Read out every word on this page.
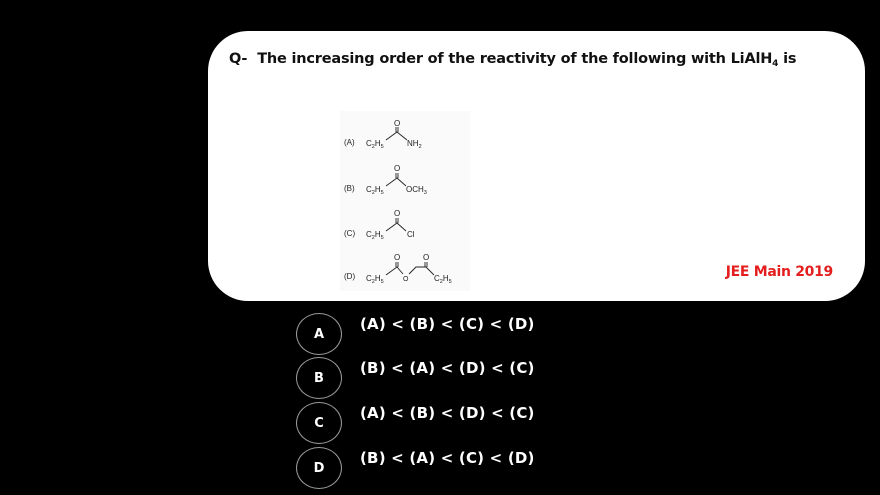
Q- The increasing order of the reactivity of the following with LiAlH$_4$ is
(A) $C_2H_5$
O
$NH_2$
(B) $C_2H_5$
O
$OCH_3$
(C) $C_2H_5$
O
Cl
(D) $C_2H_5$
O
O
O
$C_2H_5$
JEE Main 2019
A
(A) < (B) < (C) < (D)
B
(B) < (A) < (D) < (C)
C
(A) < (B) < (D) < (C)
D
(B) < (A) < (C) < (D)
